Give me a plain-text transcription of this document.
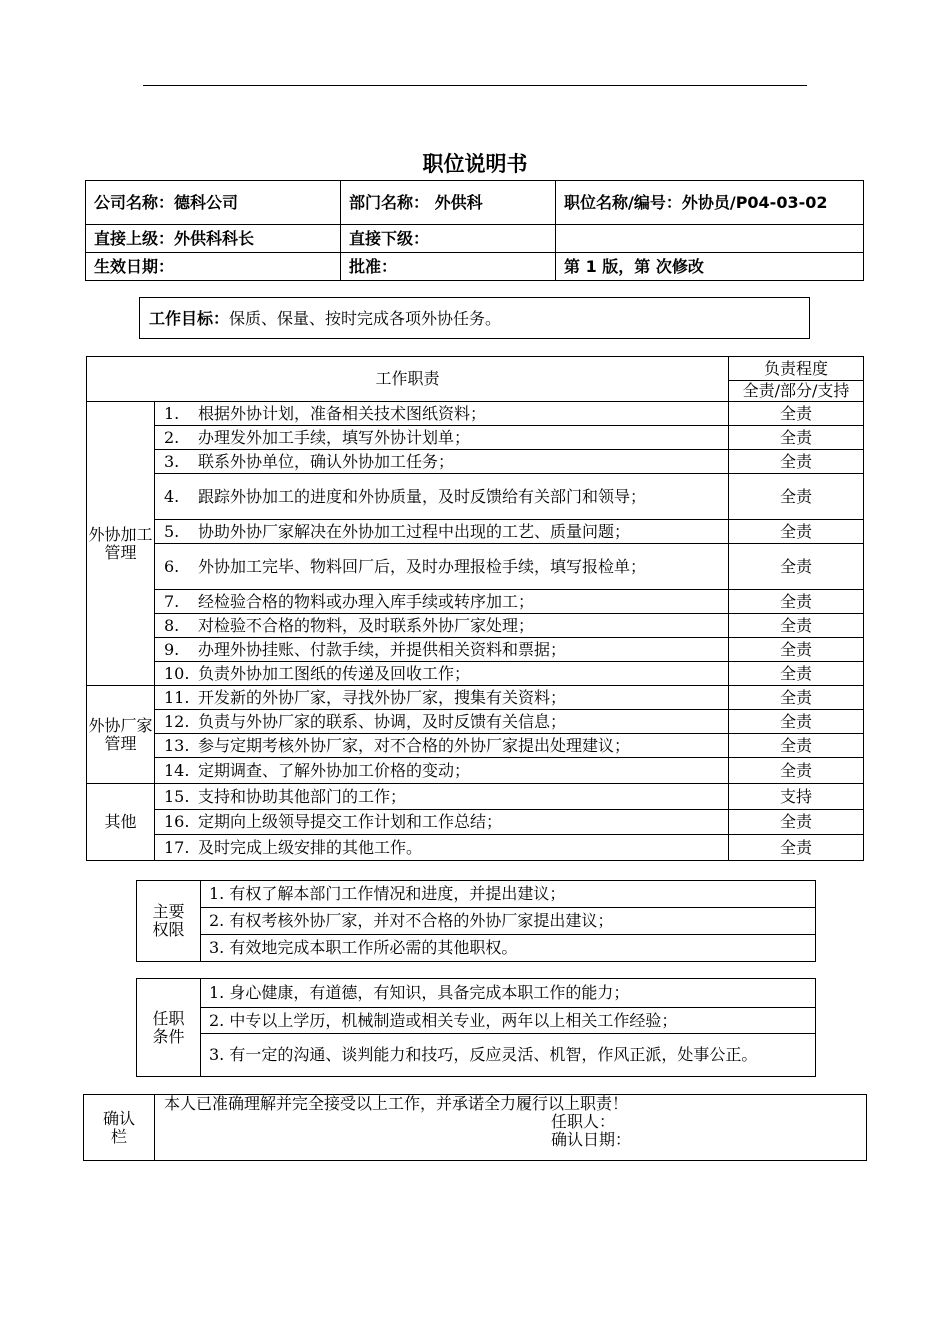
职位说明书
公司名称：德科公司	部门名称： 外供科	职位名称/编号：外协员/P04-03-02
直接上级：外供科科长	直接下级：	
生效日期：	批准：	第 1 版，第 次修改
工作目标：保质、保量、按时完成各项外协任务。
工作职责		负责程度
		全责/部分/支持
外协加工管理	1. 根据外协计划，准备相关技术图纸资料；	全责
	2. 办理发外加工手续，填写外协计划单；	全责
	3. 联系外协单位，确认外协加工任务；	全责
	4. 跟踪外协加工的进度和外协质量，及时反馈给有关部门和领导；	全责
	5. 协助外协厂家解决在外协加工过程中出现的工艺、质量问题；	全责
	6. 外协加工完毕、物料回厂后，及时办理报检手续，填写报检单；	全责
	7. 经检验合格的物料或办理入库手续或转序加工；	全责
	8. 对检验不合格的物料，及时联系外协厂家处理；	全责
	9. 办理外协挂账、付款手续，并提供相关资料和票据；	全责
	10. 负责外协加工图纸的传递及回收工作；	全责
外协厂家管理	11. 开发新的外协厂家，寻找外协厂家，搜集有关资料；	全责
	12. 负责与外协厂家的联系、协调，及时反馈有关信息；	全责
	13. 参与定期考核外协厂家，对不合格的外协厂家提出处理建议；	全责
	14. 定期调查、了解外协加工价格的变动；	全责
其他	15. 支持和协助其他部门的工作；	支持
	16. 定期向上级领导提交工作计划和工作总结；	全责
	17. 及时完成上级安排的其他工作。	全责
主要权限
	1. 有权了解本部门工作情况和进度，并提出建议；
2. 有权考核外协厂家，并对不合格的外协厂家提出建议；
3. 有效地完成本职工作所必需的其他职权。
任职条件
	1. 身心健康，有道德，有知识，具备完成本职工作的能力；
2. 中专以上学历，机械制造或相关专业，两年以上相关工作经验；
3. 有一定的沟通、谈判能力和技巧，反应灵活、机智，作风正派，处事公正。
确认栏

本人已准确理解并完全接受以上工作，并承诺全力履行以上职责！
任职人：
确认日期：
